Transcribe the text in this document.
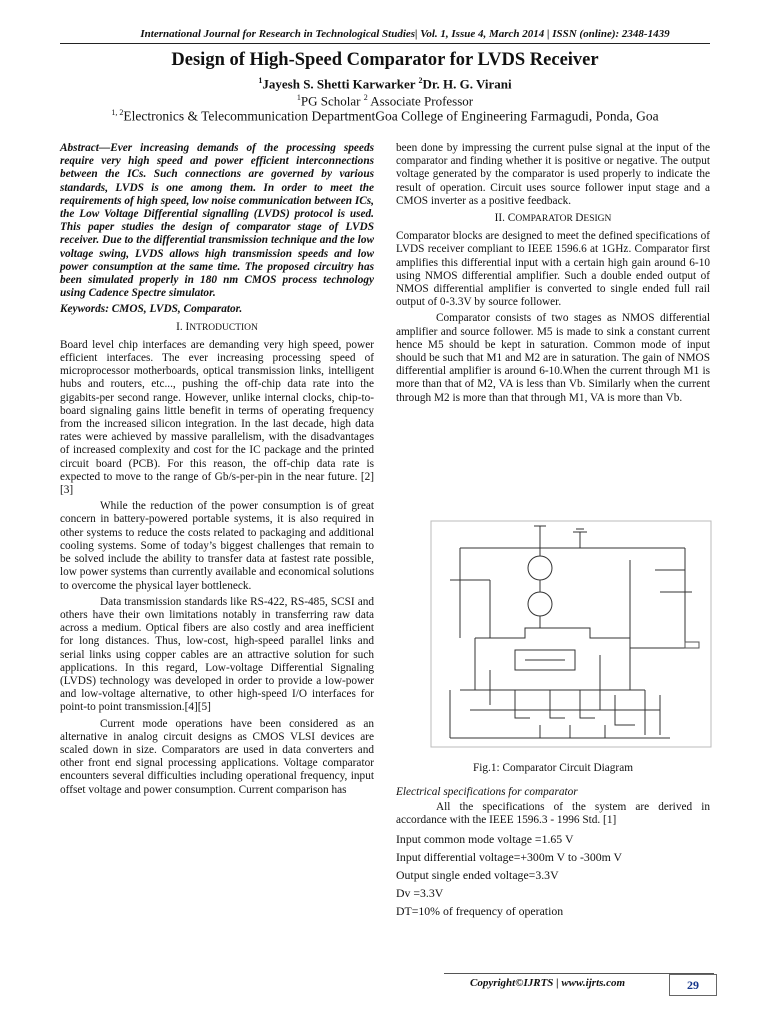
International Journal for Research in Technological Studies| Vol. 1, Issue 4, March 2014 | ISSN (online): 2348-1439
Design of High-Speed Comparator for LVDS Receiver
$^1$Jayesh S. Shetti Karwarker $^2$Dr. H. G. Virani
$^1$PG Scholar $^2$ Associate Professor
$^{1, 2}$Electronics & Telecommunication DepartmentGoa College of Engineering Farmagudi, Ponda, Goa

Abstract—Ever increasing demands of the processing speeds require very high speed and power efficient interconnections between the ICs. Such connections are governed by various standards, LVDS is one among them. In order to meet the requirements of high speed, low noise communication between ICs, the Low Voltage Differential signalling (LVDS) protocol is used. This paper studies the design of comparator stage of LVDS receiver. Due to the differential transmission technique and the low voltage swing, LVDS allows high transmission speeds and low power consumption at the same time. The proposed circuitry has been simulated properly in 180 nm CMOS process technology using Cadence Spectre simulator.

Keywords: CMOS, LVDS, Comparator.

I. INTRODUCTION

Board level chip interfaces are demanding very high speed, power efficient interfaces. The ever increasing processing speed of microprocessor motherboards, optical transmission links, intelligent hubs and routers, etc..., pushing the off-chip data rate into the gigabits-per second range. However, unlike internal clocks, chip-to-board signaling gains little benefit in terms of operating frequency from the increased silicon integration. In the last decade, high data rates were achieved by massive parallelism, with the disadvantages of increased complexity and cost for the IC package and the printed circuit board (PCB). For this reason, the off-chip data rate is expected to move to the range of Gb/s-per-pin in the near future. [2] [3]

While the reduction of the power consumption is of great concern in battery-powered portable systems, it is also required in other systems to reduce the costs related to packaging and additional cooling systems. Some of today’s biggest challenges that remain to be solved include the ability to transfer data at fastest rate possible, low power systems than currently available and economical solutions to overcome the physical layer bottleneck.

Data transmission standards like RS-422, RS-485, SCSI and others have their own limitations notably in transferring raw data across a medium. Optical fibers are also costly and area inefficient for long distances. Thus, low-cost, high-speed parallel links and serial links using copper cables are an attractive solution for such applications. In this regard, Low-voltage Differential Signaling (LVDS) technology was developed in order to provide a low-power and low-voltage alternative, to other high-speed I/O interfaces for point-to point transmission.[4][5]

Current mode operations have been considered as an alternative in analog circuit designs as CMOS VLSI devices are scaled down in size. Comparators are used in data converters and other front end signal processing applications. Voltage comparator encounters several difficulties including operational frequency, input offset voltage and power consumption. Current comparison has

been done by impressing the current pulse signal at the input of the comparator and finding whether it is positive or negative. The output voltage generated by the comparator is used properly to indicate the result of operation. Circuit uses source follower input stage and a CMOS inverter as a positive feedback.

II. COMPARATOR DESIGN

Comparator blocks are designed to meet the defined specifications of LVDS receiver compliant to IEEE 1596.6 at 1GHz. Comparator first amplifies this differential input with a certain high gain around 6-10 using NMOS differential amplifier. Such a double ended output of NMOS differential amplifier is converted to single ended full rail output of 0-3.3V by source follower.

Comparator consists of two stages as NMOS differential amplifier and source follower. M5 is made to sink a constant current hence M5 should be kept in saturation. Common mode of input should be such that M1 and M2 are in saturation. The gain of NMOS differential amplifier is around 6-10.When the current through M1 is more than that of M2, VA is less than Vb. Similarly when the current through M2 is more than that through M1, VA is more than Vb.

Fig.1: Comparator Circuit Diagram

Electrical specifications for comparator

All the specifications of the system are derived in accordance with the IEEE 1596.3 - 1996 Std. [1]

Input common mode voltage =1.65 V

Input differential voltage=+300m V to -300m V

Output single ended voltage=3.3V

Dv =3.3V

DT=10% of frequency of operation

Copyright©IJRTS | www.ijrts.com	29
